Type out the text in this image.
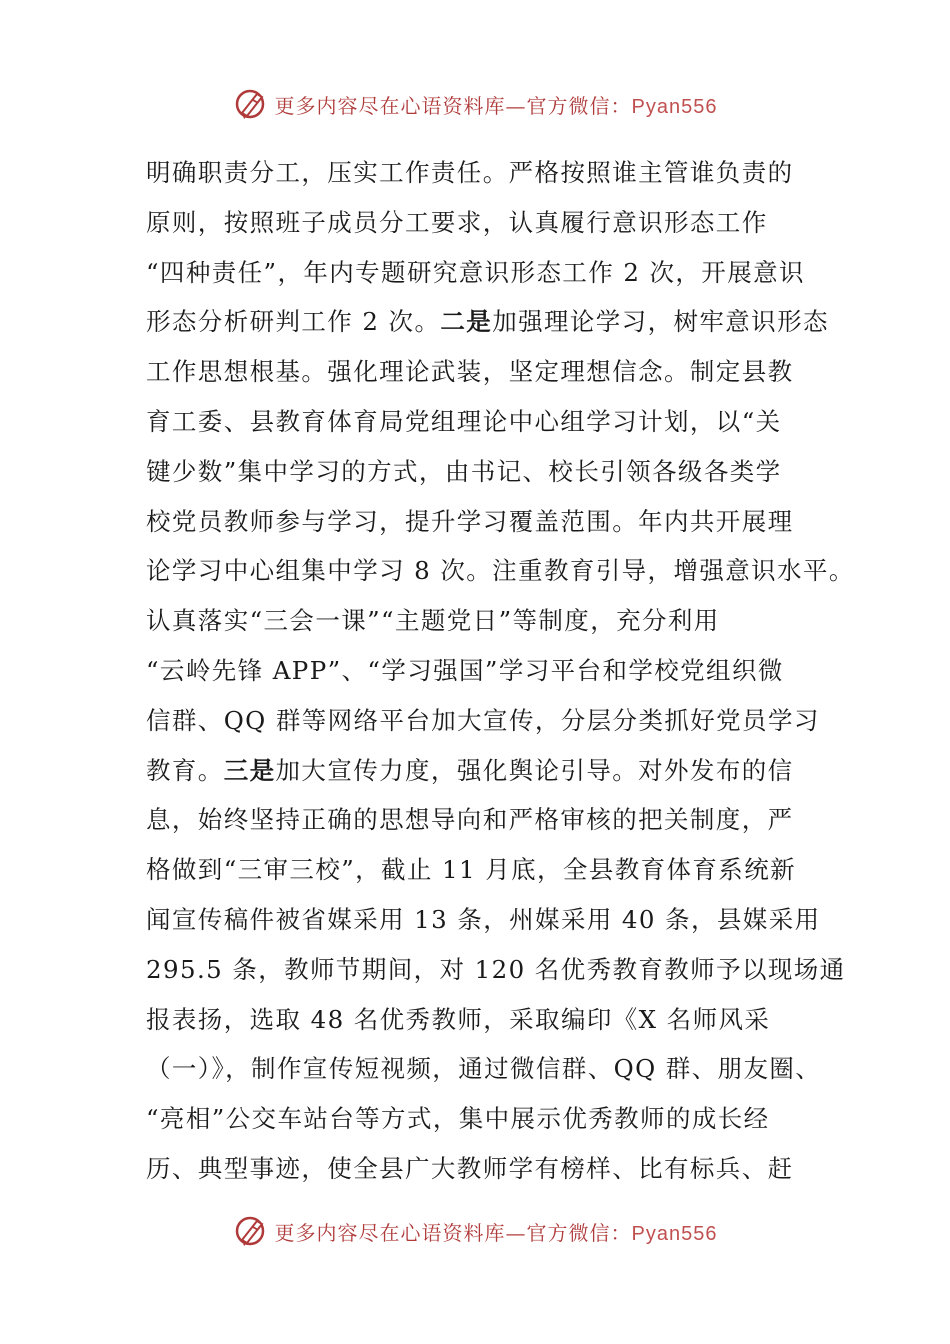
更多内容尽在心语资料库—官方微信：Pyan556
明确职责分工，压实工作责任。严格按照谁主管谁负责的
原则，按照班子成员分工要求，认真履行意识形态工作
“四种责任”，年内专题研究意识形态工作 2 次，开展意识
形态分析研判工作 2 次。二是加强理论学习，树牢意识形态
工作思想根基。强化理论武装，坚定理想信念。制定县教
育工委、县教育体育局党组理论中心组学习计划，以“关
键少数”集中学习的方式，由书记、校长引领各级各类学
校党员教师参与学习，提升学习覆盖范围。年内共开展理
论学习中心组集中学习 8 次。注重教育引导，增强意识水平。
认真落实“三会一课”“主题党日”等制度，充分利用
“云岭先锋 APP”、“学习强国”学习平台和学校党组织微
信群、QQ 群等网络平台加大宣传，分层分类抓好党员学习
教育。三是加大宣传力度，强化舆论引导。对外发布的信
息，始终坚持正确的思想导向和严格审核的把关制度，严
格做到“三审三校”，截止 11 月底，全县教育体育系统新
闻宣传稿件被省媒采用 13 条，州媒采用 40 条，县媒采用
295.5 条，教师节期间，对 120 名优秀教育教师予以现场通
报表扬，选取 48 名优秀教师，采取编印《X 名师风采
（一）》，制作宣传短视频，通过微信群、QQ 群、朋友圈、
“亮相”公交车站台等方式，集中展示优秀教师的成长经
历、典型事迹，使全县广大教师学有榜样、比有标兵、赶
更多内容尽在心语资料库—官方微信：Pyan556
